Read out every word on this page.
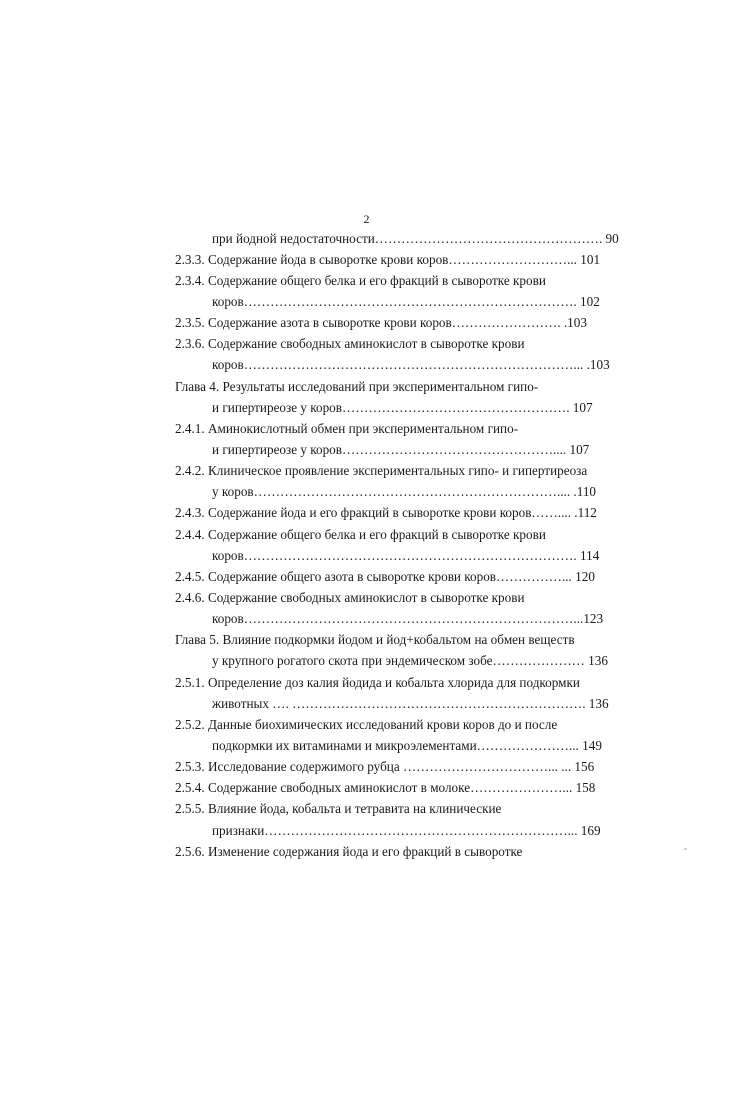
2
при йодной недостаточности……………………………………………. 90
2.3.3. Содержание йода в сыворотке крови коров………………………... 101
2.3.4. Содержание общего белка и его фракций в сыворотке крови
коров…………………………………………………………………. 102
2.3.5. Содержание азота в сыворотке крови коров……………………. .103
2.3.6. Содержание свободных аминокислот в сыворотке крови
коров…………………………………………………………………... .103
Глава 4. Результаты исследований при экспериментальном гипо-
и гипертиреозе у коров……………………………………………. 107
2.4.1. Аминокислотный обмен при экспериментальном гипо-
и гипертиреозе у коров………………………………………….... 107
2.4.2. Клиническое проявление экспериментальных гипо- и гипертиреоза
у коров…………………………………………………………….... .110
2.4.3. Содержание йода и его фракций в сыворотке крови коров…….... .112
2.4.4. Содержание общего белка и его фракций в сыворотке крови
коров…………………………………………………………………. 114
2.4.5. Содержание общего азота в сыворотке крови коров……………... 120
2.4.6. Содержание свободных аминокислот в сыворотке крови
коров…………………………………………………………………...123
Глава 5. Влияние подкормки йодом и йод+кобальтом на обмен веществ
у крупного рогатого скота при эндемическом зобе………………… 136
2.5.1. Определение доз калия йодида и кобальта хлорида для подкормки
животных …. …………………………………………………………. 136
2.5.2. Данные биохимических исследований крови коров до и после
подкормки их витаминами и микроэлементами…………………... 149
2.5.3. Исследование содержимого рубца ……………………………... ... 156
2.5.4. Содержание свободных аминокислот в молоке…………………... 158
2.5.5. Влияние йода, кобальта и тетравита на клинические
признаки……………………………………………………………... 169
2.5.6. Изменение содержания йода и его фракций в сыворотке
